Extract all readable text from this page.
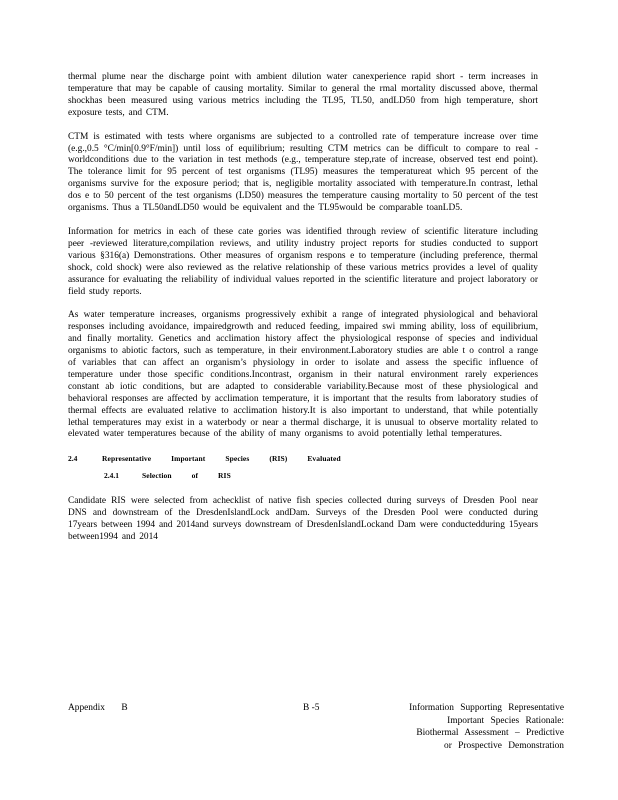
thermal plume near the discharge point with ambient dilution water canexperience rapid short - term increases in temperature that may be capable of causing mortality. Similar to general the rmal mortality discussed above, thermal shockhas been measured using various metrics including the TL95, TL50, andLD50 from high temperature, short exposure tests, and CTM.

CTM is estimated with tests where organisms are subjected to a controlled rate of temperature increase over time (e.g.,0.5 °C/min[0.9°F/min]) until loss of equilibrium; resulting CTM metrics can be difficult to compare to real -worldconditions due to the variation in test methods (e.g., temperature step,rate of increase, observed test end point). The tolerance limit for 95 percent of test organisms (TL95) measures the temperatureat which 95 percent of the organisms survive for the exposure period; that is, negligible mortality associated with temperature.In contrast, lethal dos e to 50 percent of the test organisms (LD50) measures the temperature causing mortality to 50 percent of the test organisms. Thus a TL50andLD50 would be equivalent and the TL95would be comparable toanLD5.

Information for metrics in each of these cate gories was identified through review of scientific literature including peer -reviewed literature,compilation reviews, and utility industry project reports for studies conducted to support various §316(a) Demonstrations. Other measures of organism respons e to temperature (including preference, thermal shock, cold shock) were also reviewed as the relative relationship of these various metrics provides a level of quality assurance for evaluating the reliability of individual values reported in the scientific literature and project laboratory or field study reports.

As water temperature increases, organisms progressively exhibit a range of integrated physiological and behavioral responses including avoidance, impairedgrowth and reduced feeding, impaired swi mming ability, loss of equilibrium, and finally mortality. Genetics and acclimation history affect the physiological response of species and individual organisms to abiotic factors, such as temperature, in their environment.Laboratory studies are able t o control a range of variables that can affect an organism’s physiology in order to isolate and assess the specific influence of temperature under those specific conditions.Incontrast, organism in their natural environment rarely experiences constant ab iotic conditions, but are adapted to considerable variability.Because most of these physiological and behavioral responses are affected by acclimation temperature, it is important that the results from laboratory studies of thermal effects are evaluated relative to acclimation history.It is also important to understand, that while potentially lethal temperatures may exist in a waterbody or near a thermal discharge, it is unusual to observe mortality related to elevated water temperatures because of the ability of many organisms to avoid potentially lethal temperatures.

2.4	Representative Important Species (RIS) Evaluated
2.4.1	Selection of RIS

Candidate RIS were selected from achecklist of native fish species collected during surveys of Dresden Pool near DNS and downstream of the DresdenIslandLock andDam. Surveys of the Dresden Pool were conducted during 17years between 1994 and 2014and surveys downstream of DresdenIslandLockand Dam were conductedduring 15years between1994 and 2014

Appendix B	B -5	Information Supporting Representative
Important Species Rationale:
Biothermal Assessment – Predictive
or Prospective Demonstration
